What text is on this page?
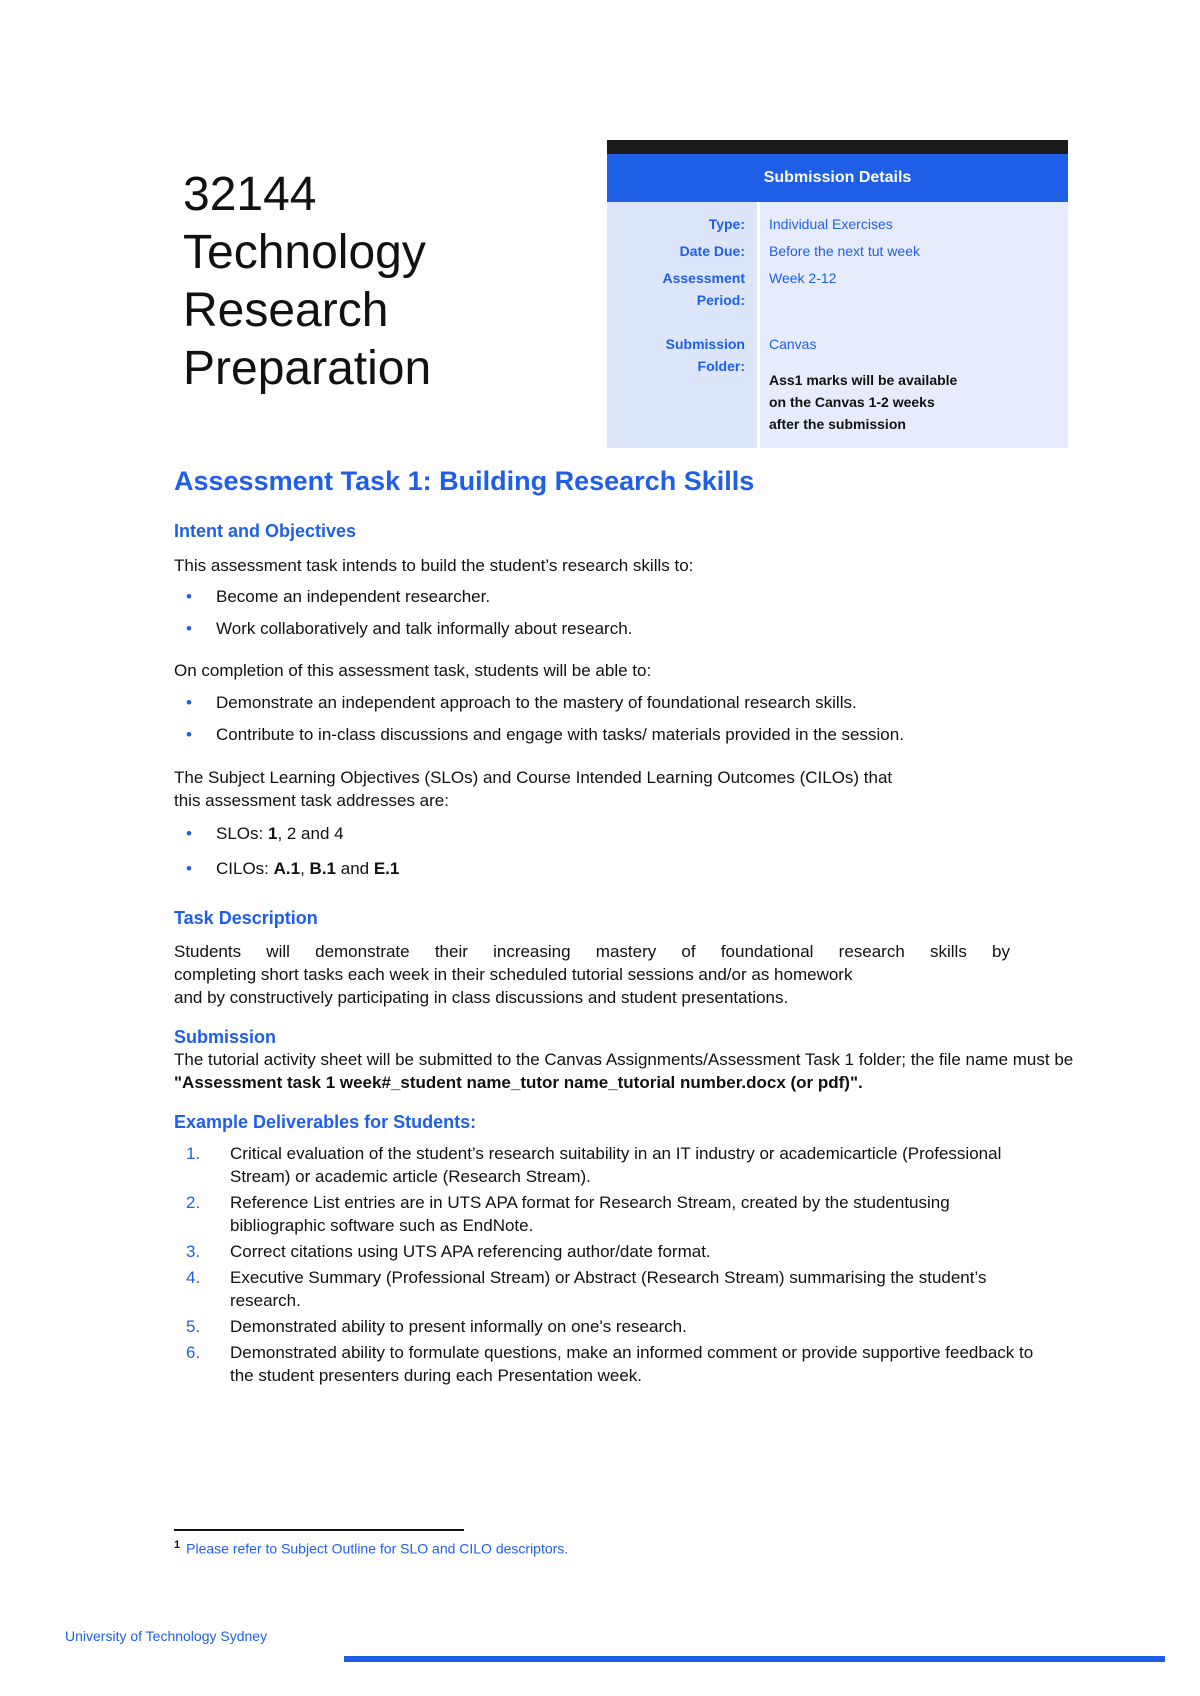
32144
Technology
Research
Preparation
Submission Details
Type:
Date Due:
Assessment
Period:
Submission
Folder:
Individual Exercises
Before the next tut week
Week 2-12
Canvas
Ass1 marks will be available
on the Canvas 1-2 weeks
after the submission
Assessment Task 1: Building Research Skills
Intent and Objectives

This assessment task intends to build the student’s research skills to:

• Become an independent researcher.
• Work collaboratively and talk informally about research.

On completion of this assessment task, students will be able to:

• Demonstrate an independent approach to the mastery of foundational research skills.
• Contribute to in-class discussions and engage with tasks/ materials provided in the session.

The Subject Learning Objectives (SLOs) and Course Intended Learning Outcomes (CILOs) that

this assessment task addresses are:

• SLOs: 1, 2 and 4
• CILOs: A.1, B.1 and E.1
Task Description

Students will demonstrate their increasing mastery of foundational research skills by

completing short tasks each week in their scheduled tutorial sessions and/or as homework

and by constructively participating in class discussions and student presentations.

Submission

The tutorial activity sheet will be submitted to the Canvas Assignments/Assessment Task 1 folder; the file name must be

"Assessment task 1 week#_student name_tutor name_tutorial number.docx (or pdf)".

Example Deliverables for Students:
1. Critical evaluation of the student’s research suitability in an IT industry or academicarticle (Professional Stream) or academic article (Research Stream).
2. Reference List entries are in UTS APA format for Research Stream, created by the studentusing bibliographic software such as EndNote.
3. Correct citations using UTS APA referencing author/date format.
4. Executive Summary (Professional Stream) or Abstract (Research Stream) summarising the student’s research.
5. Demonstrated ability to present informally on one's research.
6. Demonstrated ability to formulate questions, make an informed comment or provide supportive feedback to the student presenters during each Presentation week.
$^1$ Please refer to Subject Outline for SLO and CILO descriptors.
University of Technology Sydney
